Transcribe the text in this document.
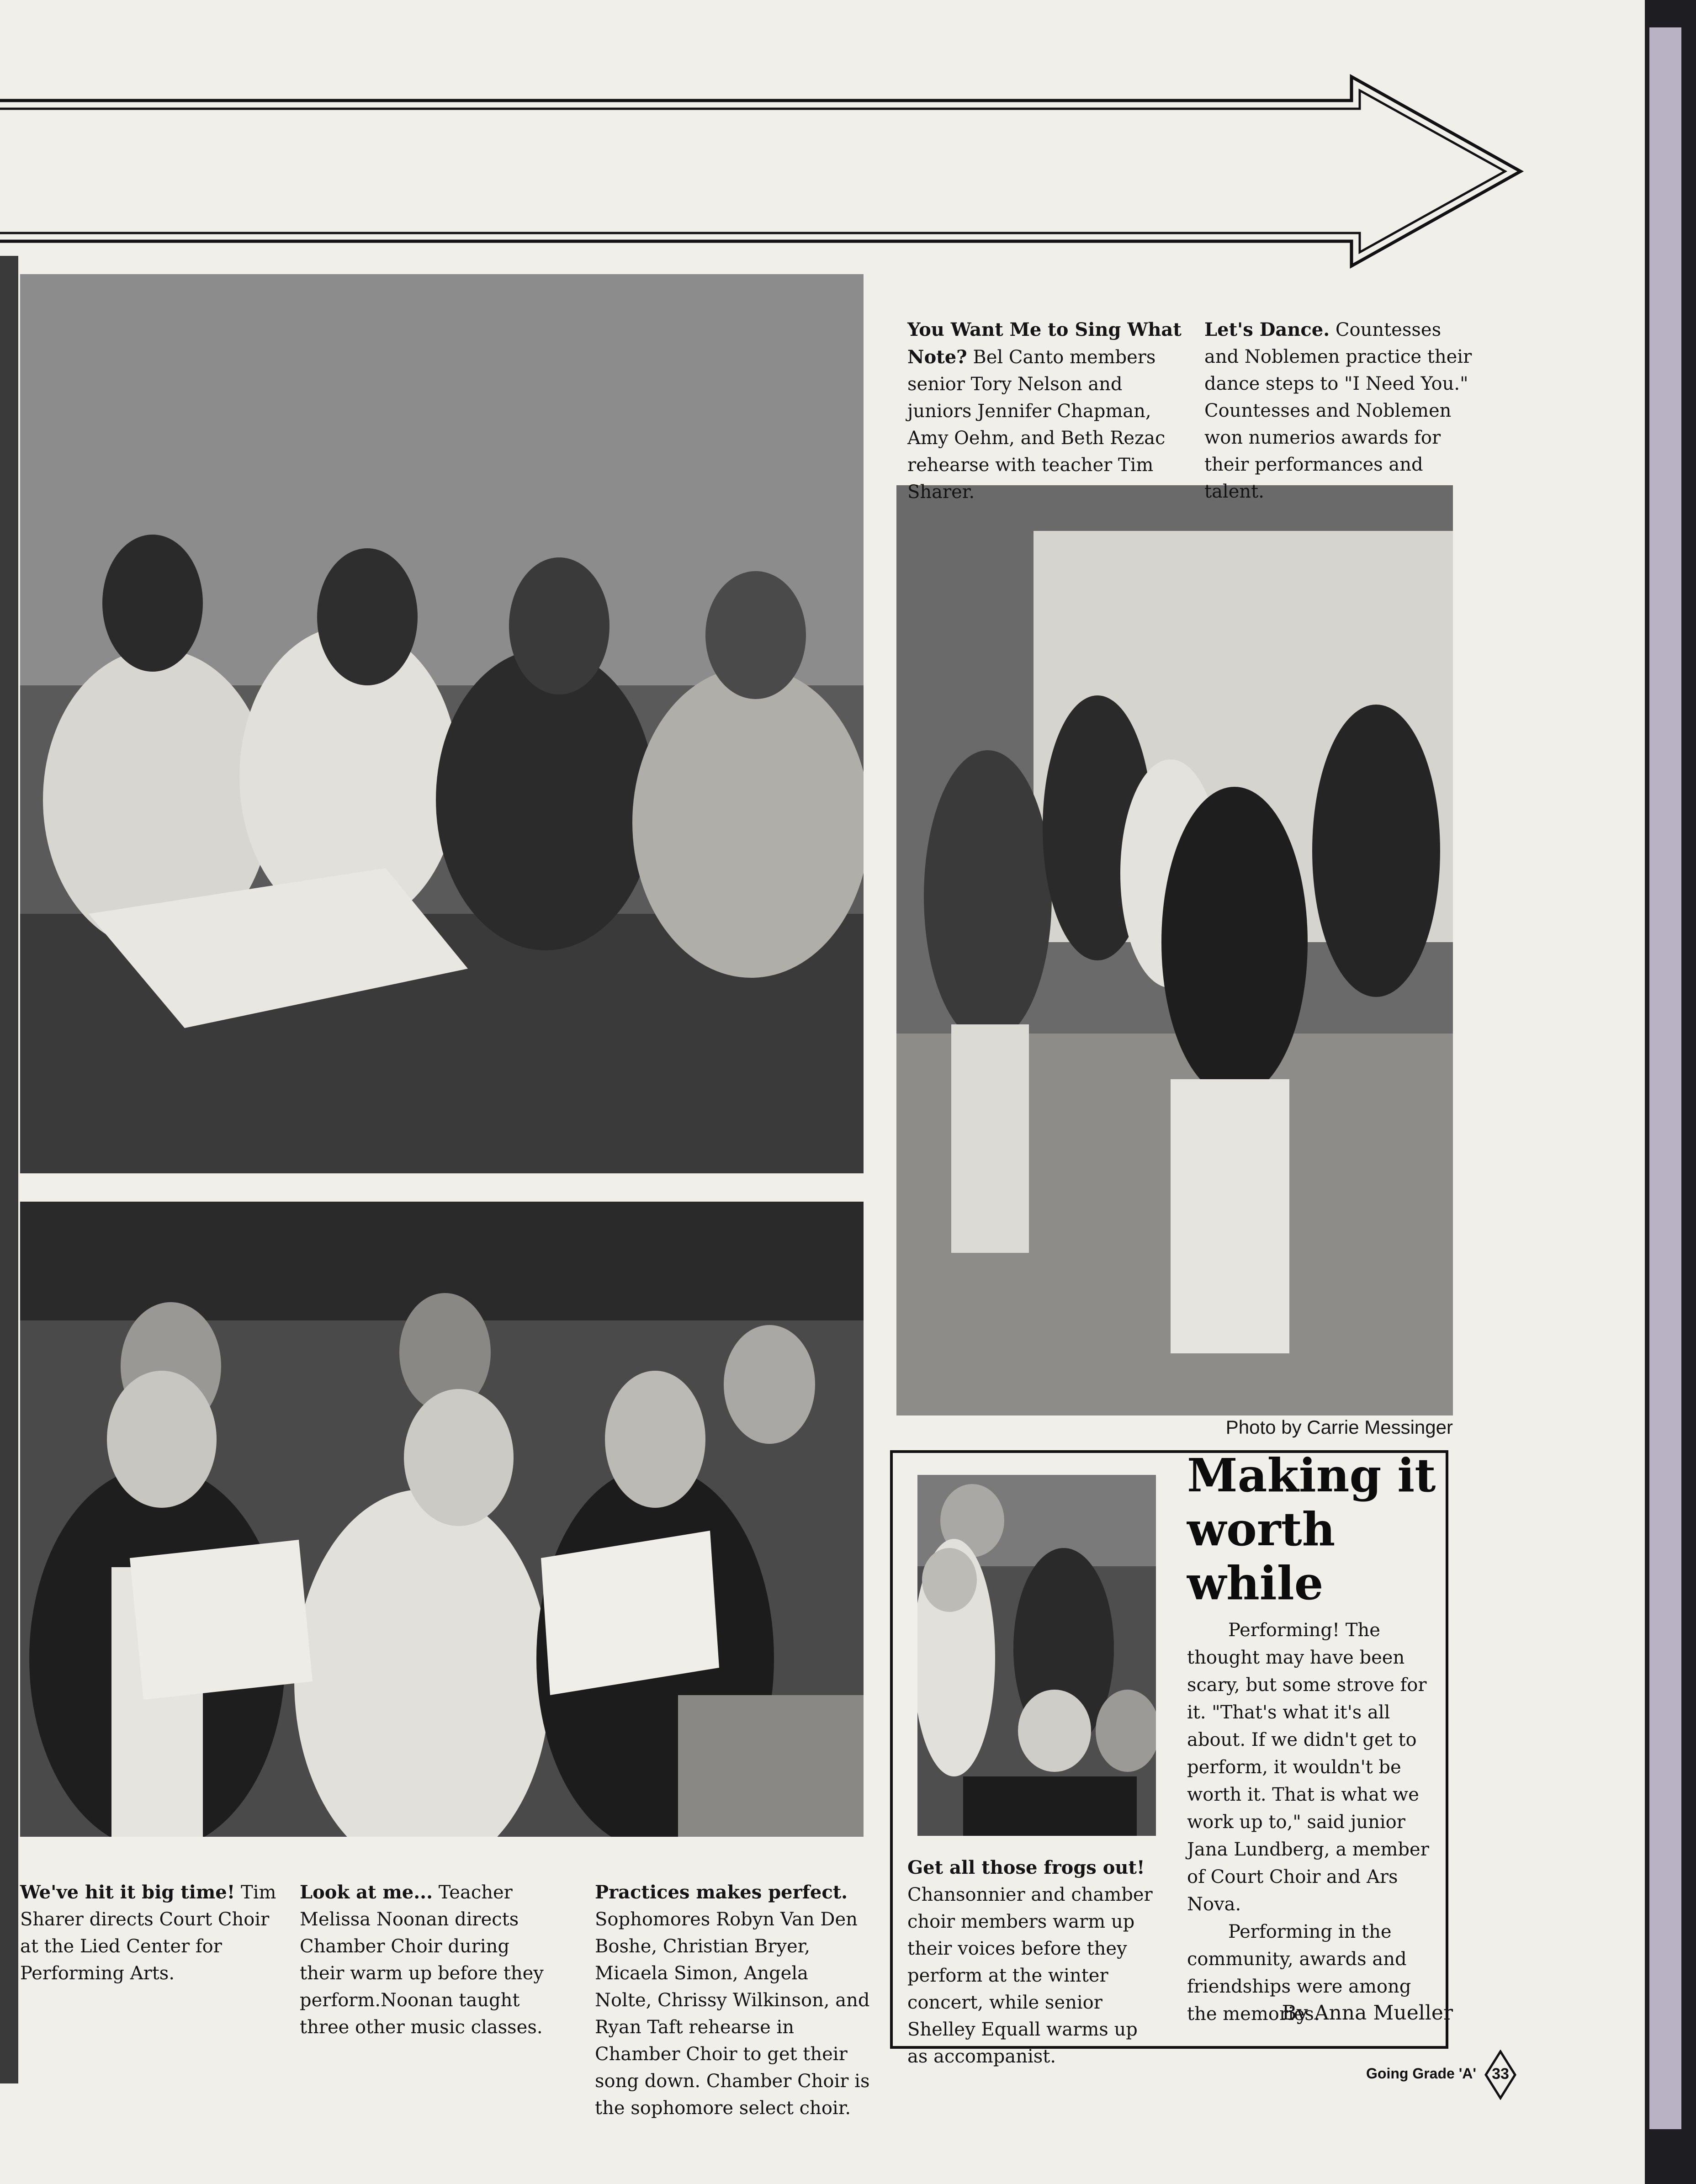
You Want Me to Sing What Note? Bel Canto members senior Tory Nelson and juniors Jennifer Chapman, Amy Oehm, and Beth Rezac rehearse with teacher Tim Sharer.
Let's Dance. Countesses and Noblemen practice their dance steps to "I Need You." Countesses and Noblemen won numerios awards for their performances and talent.
We've hit it big time! Tim Sharer directs Court Choir at the Lied Center for Performing Arts.
Look at me... Teacher Melissa Noonan directs Chamber Choir during their warm up before they perform.Noonan taught three other music classes.
Practices makes perfect. Sophomores Robyn Van Den Boshe, Christian Bryer, Micaela Simon, Angela Nolte, Chrissy Wilkinson, and Ryan Taft rehearse in Chamber Choir to get their song down. Chamber Choir is the sophomore select choir.
Photo by Carrie Messinger
Get all those frogs out! Chansonnier and chamber choir members warm up their voices before they perform at the winter concert, while senior Shelley Equall warms up as accompanist.
Making it
worth
while

Performing! The thought may have been scary, but some strove for it. "That's what it's all about. If we didn't get to perform, it wouldn't be worth it. That is what we work up to," said junior Jana Lundberg, a member of Court Choir and Ars Nova.

Performing in the community, awards and friendships were among the memories.

By Anna Mueller
Going Grade 'A'	33
